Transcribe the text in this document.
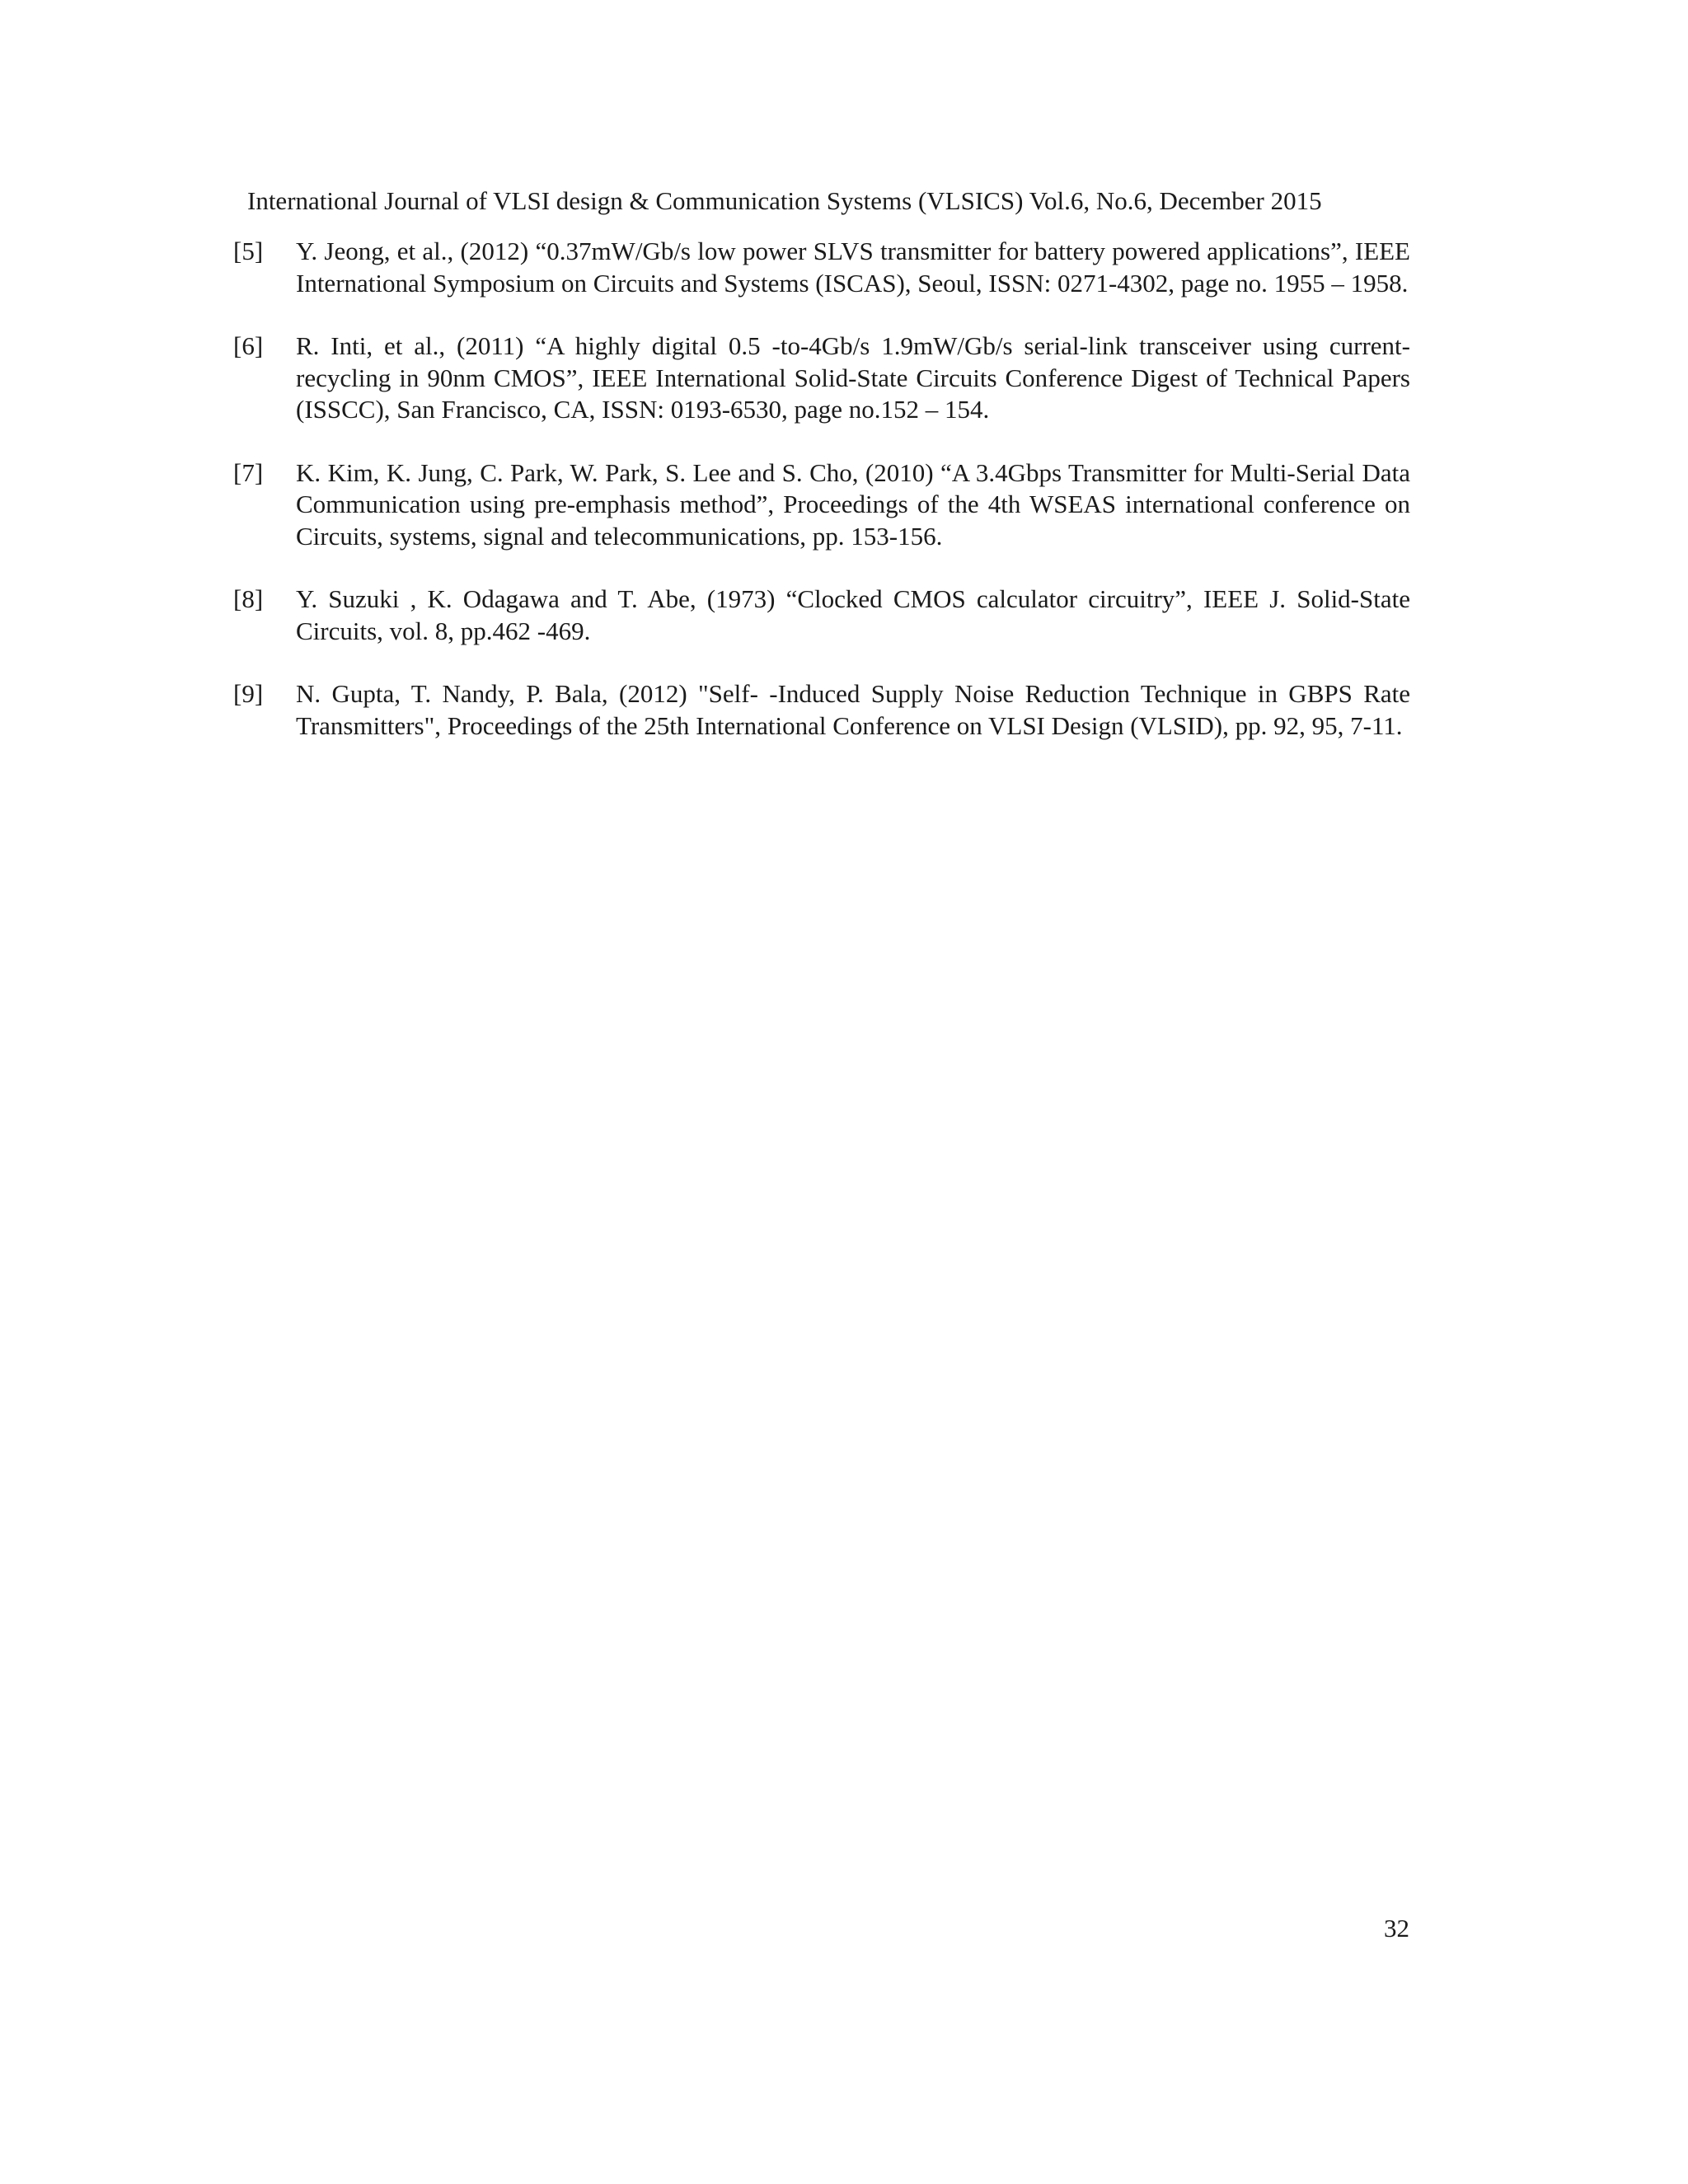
International Journal of VLSI design & Communication Systems (VLSICS) Vol.6, No.6, December 2015
[5] Y. Jeong, et al., (2012) “0.37mW/Gb/s low power SLVS transmitter for battery powered applications”, IEEE International Symposium on Circuits and Systems (ISCAS), Seoul, ISSN: 0271-4302, page no. 1955 – 1958.
[6] R. Inti, et al., (2011) “A highly digital 0.5 -to-4Gb/s 1.9mW/Gb/s serial-link transceiver using current-recycling in 90nm CMOS”, IEEE International Solid-State Circuits Conference Digest of Technical Papers (ISSCC), San Francisco, CA, ISSN: 0193-6530, page no.152 – 154.
[7] K. Kim, K. Jung, C. Park, W. Park, S. Lee and S. Cho, (2010) “A 3.4Gbps Transmitter for Multi-Serial Data Communication using pre-emphasis method”, Proceedings of the 4th WSEAS international conference on Circuits, systems, signal and telecommunications, pp. 153-156.
[8] Y. Suzuki , K. Odagawa and T. Abe, (1973) “Clocked CMOS calculator circuitry”, IEEE J. Solid-State Circuits, vol. 8, pp.462 -469.
[9] N. Gupta, T. Nandy, P. Bala, (2012) "Self- -Induced Supply Noise Reduction Technique in GBPS Rate Transmitters", Proceedings of the 25th International Conference on VLSI Design (VLSID), pp. 92, 95, 7-11.
32
